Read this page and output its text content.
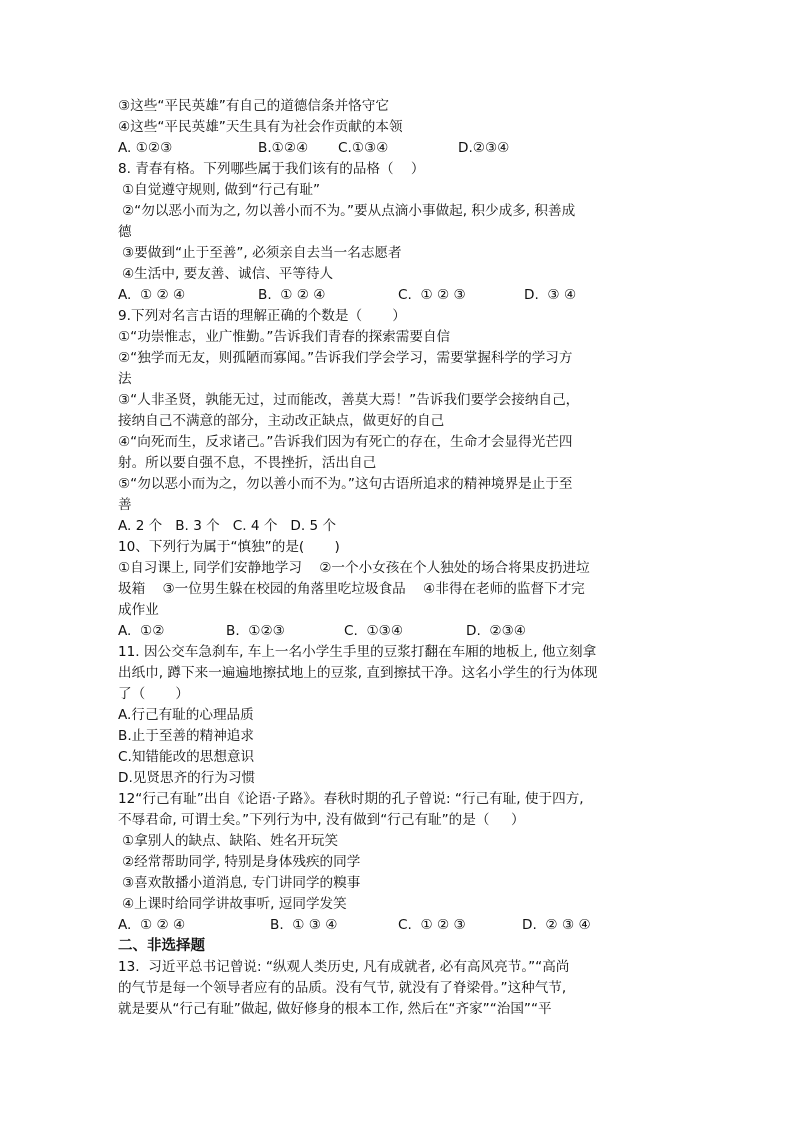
③这些“平民英雄”有自己的道德信条并恪守它
④这些“平民英雄”天生具有为社会作贡献的本领
A. ①②③	B.①②④	C.①③④	D.②③④
8. 青春有格。下列哪些属于我们该有的品格（    ）
①自觉遵守规则, 做到“行己有耻”
②“勿以恶小而为之, 勿以善小而不为。”要从点滴小事做起, 积少成多, 积善成
德
③要做到“止于至善”, 必须亲自去当一名志愿者
④生活中, 要友善、诚信、平等待人
A.  ① ② ④	B.  ① ② ④	C.  ① ② ③	D.  ③ ④
9.下列对名言古语的理解正确的个数是（       ）
①“功崇惟志，业广惟勤。”告诉我们青春的探索需要自信
②“独学而无友，则孤陋而寡闻。”告诉我们学会学习，需要掌握科学的学习方
法
③“人非圣贤，孰能无过，过而能改，善莫大焉！”告诉我们要学会接纳自己，
接纳自己不满意的部分，主动改正缺点，做更好的自己
④“向死而生，反求诸己。”告诉我们因为有死亡的存在，生命才会显得光芒四
射。所以要自强不息，不畏挫折，活出自己
⑤“勿以恶小而为之，勿以善小而不为。”这句古语所追求的精神境界是止于至
善
A. 2 个   B. 3 个   C. 4 个   D. 5 个
10、下列行为属于“慎独”的是(       )
①自习课上, 同学们安静地学习    ②一个小女孩在个人独处的场合将果皮扔进垃
圾箱    ③一位男生躲在校园的角落里吃垃圾食品    ④非得在老师的监督下才完
成作业
A.  ①②	B.  ①②③	C.  ①③④	D.  ②③④
11. 因公交车急刹车, 车上一名小学生手里的豆浆打翻在车厢的地板上, 他立刻拿
出纸巾, 蹲下来一遍遍地擦拭地上的豆浆, 直到擦拭干净。这名小学生的行为体现
了（       ）
A.行己有耻的心理品质
B.止于至善的精神追求
C.知错能改的思想意识
D.见贤思齐的行为习惯
12“行己有耻”出自《论语·子路》。春秋时期的孔子曾说: “行己有耻, 使于四方,
不辱君命, 可谓士矣。”下列行为中, 没有做到“行己有耻”的是（     ）
①拿别人的缺点、缺陷、姓名开玩笑
②经常帮助同学, 特别是身体残疾的同学
③喜欢散播小道消息, 专门讲同学的糗事
④上课时给同学讲故事听, 逗同学发笑
A.  ① ② ④	B.  ① ③ ④	C.  ① ② ③	D.  ② ③ ④
二、非选择题
13.  习近平总书记曾说: “纵观人类历史, 凡有成就者, 必有高风亮节。”“高尚
的气节是每一个领导者应有的品质。没有气节, 就没有了脊梁骨。”这种气节,
就是要从“行己有耻”做起, 做好修身的根本工作, 然后在“齐家”“治国”“平
